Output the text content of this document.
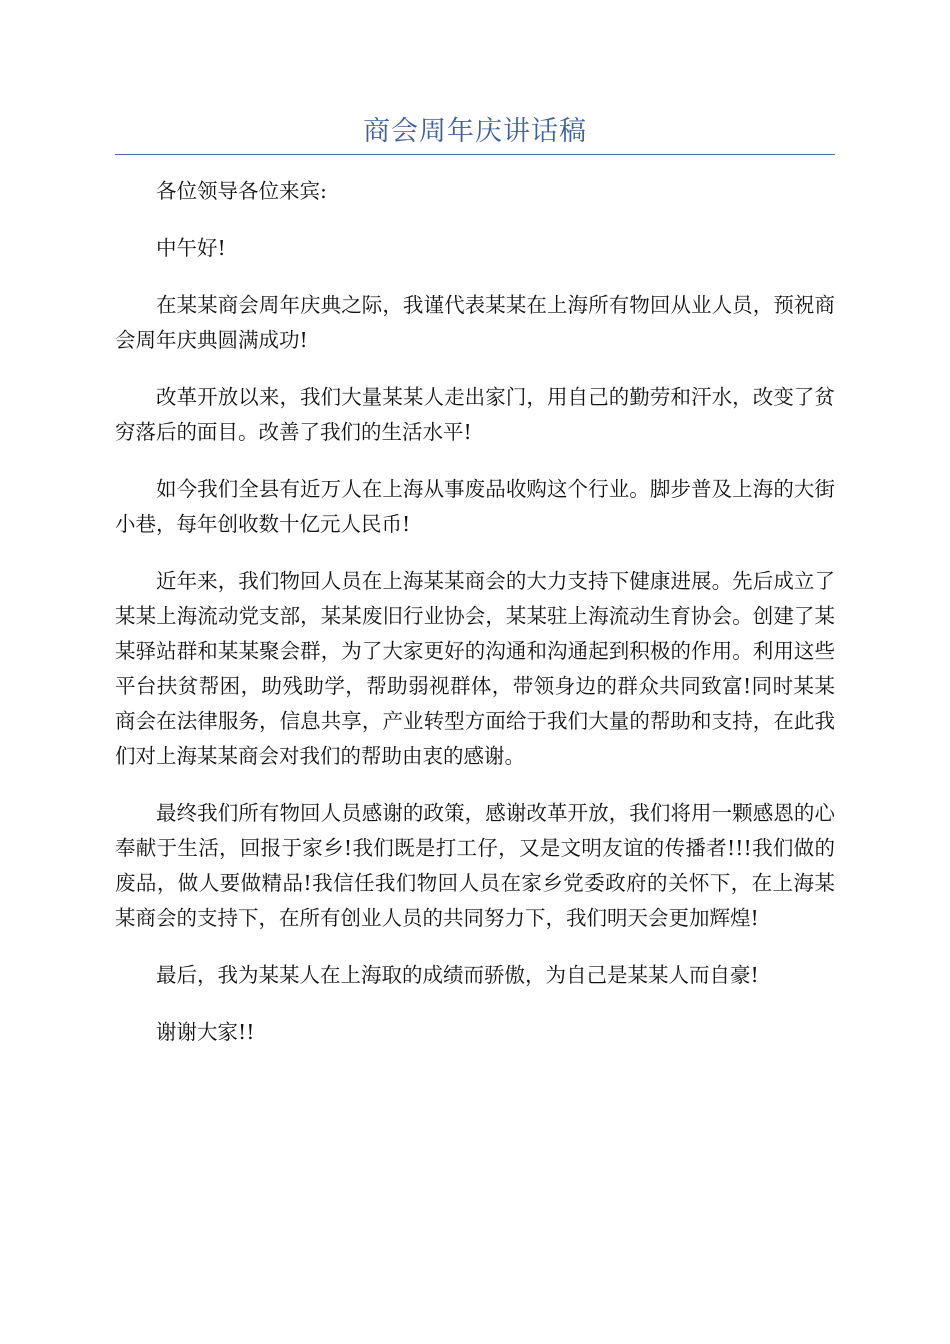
商会周年庆讲话稿

各位领导各位来宾:

中午好!

在某某商会周年庆典之际，我谨代表某某在上海所有物回从业人员，预祝商会周年庆典圆满成功!

改革开放以来，我们大量某某人走出家门，用自己的勤劳和汗水，改变了贫穷落后的面目。改善了我们的生活水平!

如今我们全县有近万人在上海从事废品收购这个行业。脚步普及上海的大街小巷，每年创收数十亿元人民币!

近年来，我们物回人员在上海某某商会的大力支持下健康进展。先后成立了某某上海流动党支部，某某废旧行业协会，某某驻上海流动生育协会。创建了某某驿站群和某某聚会群，为了大家更好的沟通和沟通起到积极的作用。利用这些平台扶贫帮困，助残助学，帮助弱视群体，带领身边的群众共同致富!同时某某商会在法律服务，信息共享，产业转型方面给于我们大量的帮助和支持，在此我们对上海某某商会对我们的帮助由衷的感谢。

最终我们所有物回人员感谢的政策，感谢改革开放，我们将用一颗感恩的心奉献于生活，回报于家乡!我们既是打工仔，又是文明友谊的传播者!!!我们做的废品，做人要做精品!我信任我们物回人员在家乡党委政府的关怀下，在上海某某商会的支持下，在所有创业人员的共同努力下，我们明天会更加辉煌!

最后，我为某某人在上海取的成绩而骄傲，为自己是某某人而自豪!

谢谢大家!!
